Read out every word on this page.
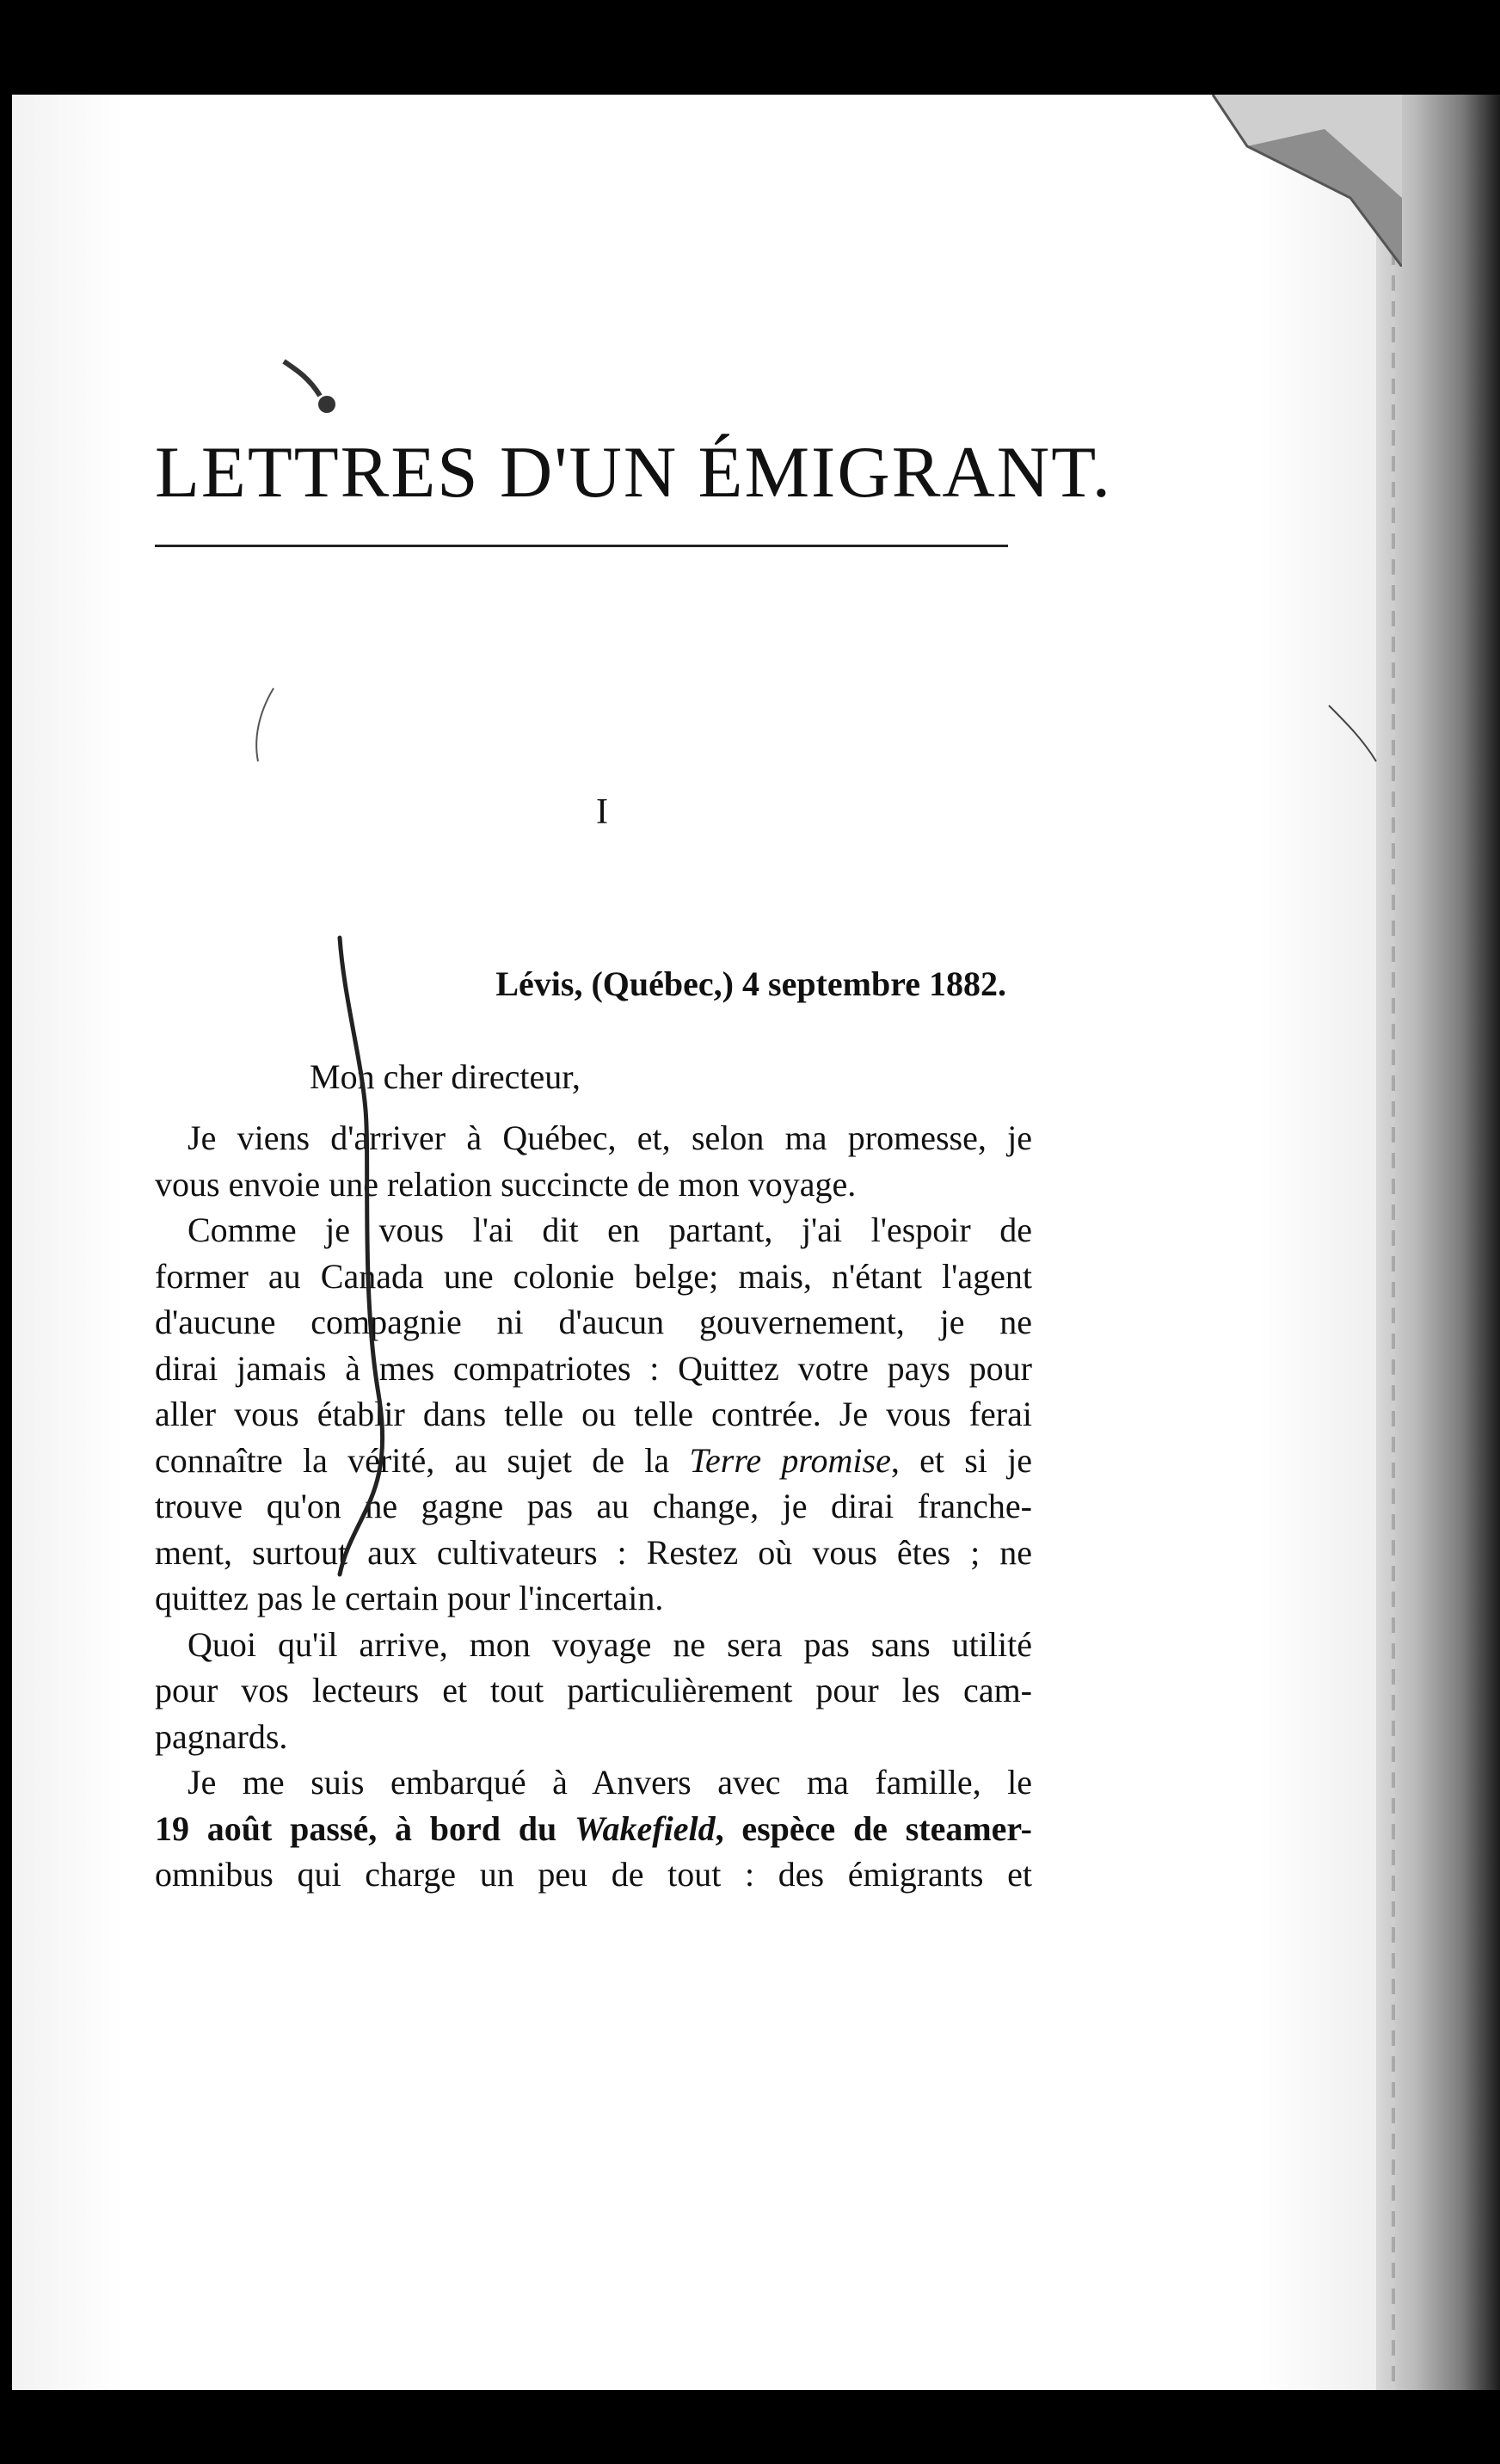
LETTRES D'UN ÉMIGRANT.
I
Lévis, (Québec,) 4 septembre 1882.
Mon cher directeur,
Je viens d'arriver à Québec, et, selon ma promesse, je
vous envoie une relation succincte de mon voyage.
Comme je vous l'ai dit en partant, j'ai l'espoir de
former au Canada une colonie belge; mais, n'étant l'agent
d'aucune compagnie ni d'aucun gouvernement, je ne
dirai jamais à mes compatriotes : Quittez votre pays pour
aller vous établir dans telle ou telle contrée. Je vous ferai
connaître la vérité, au sujet de la Terre promise, et si je
trouve qu'on ne gagne pas au change, je dirai franche-
ment, surtout aux cultivateurs : Restez où vous êtes ; ne
quittez pas le certain pour l'incertain.
Quoi qu'il arrive, mon voyage ne sera pas sans utilité
pour vos lecteurs et tout particulièrement pour les cam-
pagnards.
Je me suis embarqué à Anvers avec ma famille, le
19 août passé, à bord du Wakefield, espèce de steamer-
omnibus qui charge un peu de tout : des émigrants et
